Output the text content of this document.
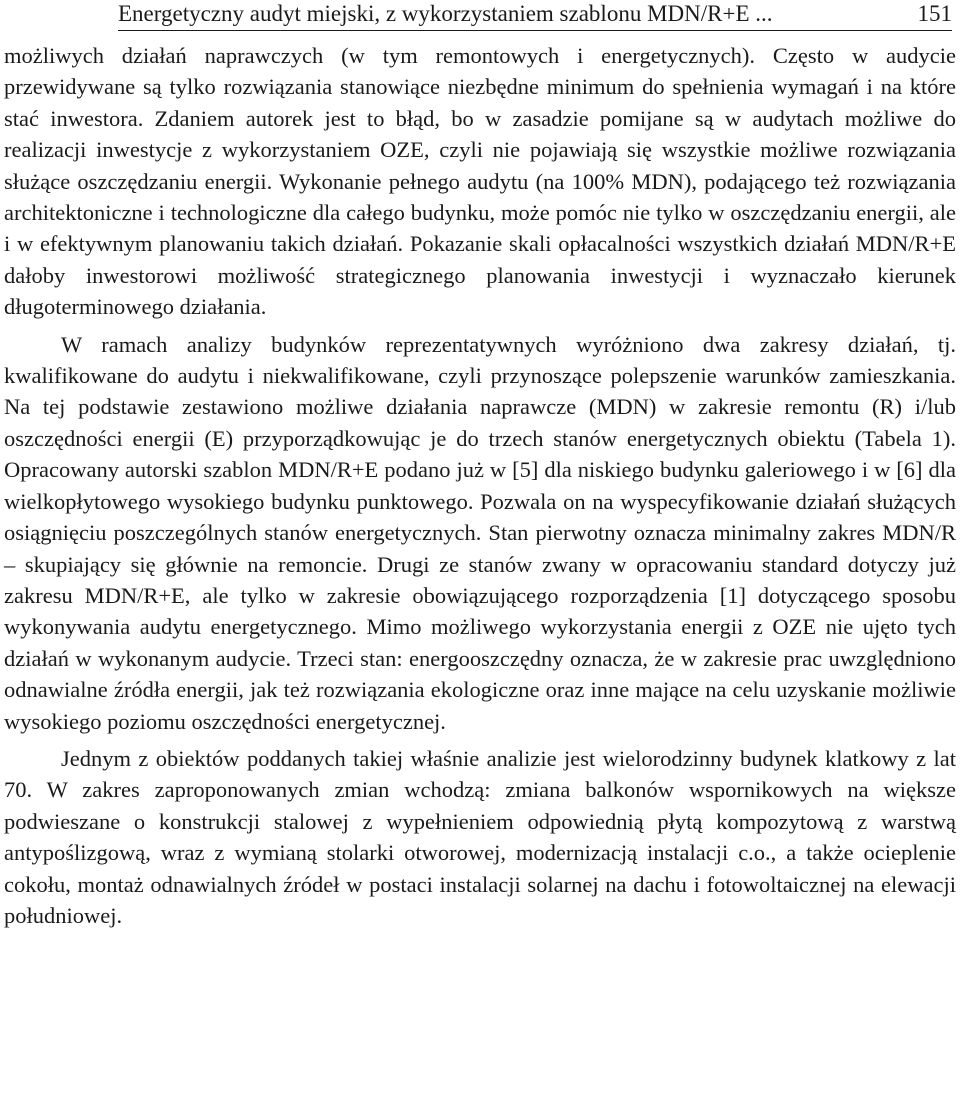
Energetyczny audyt miejski, z wykorzystaniem szablonu MDN/R+E ...	151

możliwych działań naprawczych (w tym remontowych i energetycznych). Często w audycie przewidywane są tylko rozwiązania stanowiące niezbędne minimum do spełnienia wymagań i na które stać inwestora. Zdaniem autorek jest to błąd, bo w zasadzie pomijane są w audytach możliwe do realizacji inwestycje z wykorzystaniem OZE, czyli nie pojawiają się wszystkie możliwe rozwiązania służące oszczędzaniu energii. Wykonanie pełnego audytu (na 100% MDN), podającego też rozwiązania architektoniczne i technologiczne dla całego budynku, może pomóc nie tylko w oszczędzaniu energii, ale i w efektywnym planowaniu takich działań. Pokazanie skali opłacalności wszystkich działań MDN/R+E dałoby inwestorowi możliwość strategicznego planowania inwestycji i wyznaczało kierunek długoterminowego działania.

W ramach analizy budynków reprezentatywnych wyróżniono dwa zakresy działań, tj. kwalifikowane do audytu i niekwalifikowane, czyli przynoszące polepszenie warunków zamieszkania. Na tej podstawie zestawiono możliwe działania naprawcze (MDN) w zakresie remontu (R) i/lub oszczędności energii (E) przyporządkowując je do trzech stanów energetycznych obiektu (Tabela 1). Opracowany autorski szablon MDN/R+E podano już w [5] dla niskiego budynku galeriowego i w [6] dla wielkopłytowego wysokiego budynku punktowego. Pozwala on na wyspecyfikowanie działań służących osiągnięciu poszczególnych stanów energetycznych. Stan pierwotny oznacza minimalny zakres MDN/R – skupiający się głównie na remoncie. Drugi ze stanów zwany w opracowaniu standard dotyczy już zakresu MDN/R+E, ale tylko w zakresie obowiązującego rozporządzenia [1] dotyczącego sposobu wykonywania audytu energetycznego. Mimo możliwego wykorzystania energii z OZE nie ujęto tych działań w wykonanym audycie. Trzeci stan: energooszczędny oznacza, że w zakresie prac uwzględniono odnawialne źródła energii, jak też rozwiązania ekologiczne oraz inne mające na celu uzyskanie możliwie wysokiego poziomu oszczędności energetycznej.

Jednym z obiektów poddanych takiej właśnie analizie jest wielorodzinny budynek klatkowy z lat 70. W zakres zaproponowanych zmian wchodzą: zmiana balkonów wspornikowych na większe podwieszane o konstrukcji stalowej z wypełnieniem odpowiednią płytą kompozytową z warstwą antypoślizgową, wraz z wymianą stolarki otworowej, modernizacją instalacji c.o., a także ocieplenie cokołu, montaż odnawialnych źródeł w postaci instalacji solarnej na dachu i fotowoltaicznej na elewacji południowej.
